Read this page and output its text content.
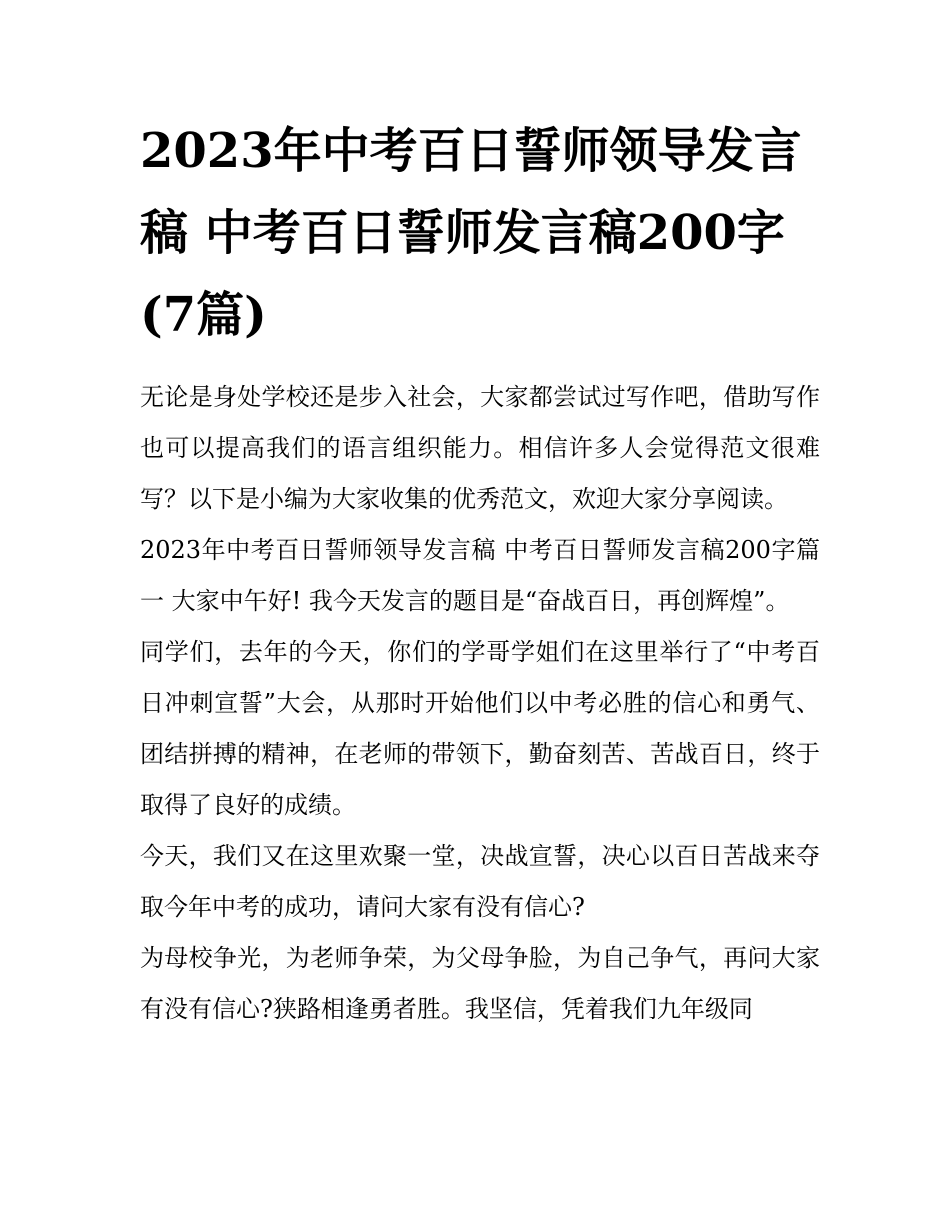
2023年中考百日誓师领导发言稿 中考百日誓师发言稿200字(7篇)

无论是身处学校还是步入社会，大家都尝试过写作吧，借助写作也可以提高我们的语言组织能力。相信许多人会觉得范文很难写？以下是小编为大家收集的优秀范文，欢迎大家分享阅读。

2023年中考百日誓师领导发言稿 中考百日誓师发言稿200字篇一 大家中午好! 我今天发言的题目是“奋战百日，再创辉煌”。

同学们，去年的今天，你们的学哥学姐们在这里举行了“中考百日冲刺宣誓”大会，从那时开始他们以中考必胜的信心和勇气、团结拼搏的精神，在老师的带领下，勤奋刻苦、苦战百日，终于取得了良好的成绩。

今天，我们又在这里欢聚一堂，决战宣誓，决心以百日苦战来夺取今年中考的成功，请问大家有没有信心?

为母校争光，为老师争荣，为父母争脸，为自己争气，再问大家有没有信心?狭路相逢勇者胜。我坚信，凭着我们九年级同
